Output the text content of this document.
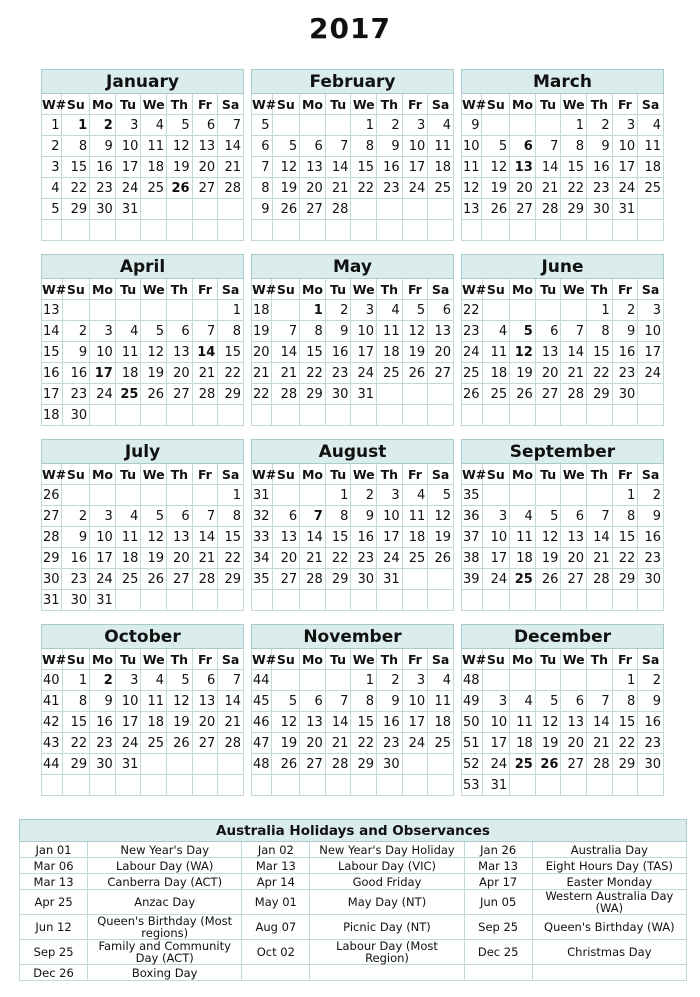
2017
January							
W#	Su	Mo	Tu	We	Th	Fr	Sa
1	1	2	3	4	5	6	7
2	8	9	10	11	12	13	14
3	15	16	17	18	19	20	21
4	22	23	24	25	26	27	28
5	29	30	31				

February							
W#	Su	Mo	Tu	We	Th	Fr	Sa
5				1	2	3	4
6	5	6	7	8	9	10	11
7	12	13	14	15	16	17	18
8	19	20	21	22	23	24	25
9	26	27	28				

March							
W#	Su	Mo	Tu	We	Th	Fr	Sa
9				1	2	3	4
10	5	6	7	8	9	10	11
11	12	13	14	15	16	17	18
12	19	20	21	22	23	24	25
13	26	27	28	29	30	31	

April							
W#	Su	Mo	Tu	We	Th	Fr	Sa
13							1
14	2	3	4	5	6	7	8
15	9	10	11	12	13	14	15
16	16	17	18	19	20	21	22
17	23	24	25	26	27	28	29
18	30						
May							
W#	Su	Mo	Tu	We	Th	Fr	Sa
18		1	2	3	4	5	6
19	7	8	9	10	11	12	13
20	14	15	16	17	18	19	20
21	21	22	23	24	25	26	27
22	28	29	30	31			

June							
W#	Su	Mo	Tu	We	Th	Fr	Sa
22					1	2	3
23	4	5	6	7	8	9	10
24	11	12	13	14	15	16	17
25	18	19	20	21	22	23	24
26	25	26	27	28	29	30	

July							
W#	Su	Mo	Tu	We	Th	Fr	Sa
26							1
27	2	3	4	5	6	7	8
28	9	10	11	12	13	14	15
29	16	17	18	19	20	21	22
30	23	24	25	26	27	28	29
31	30	31					
August							
W#	Su	Mo	Tu	We	Th	Fr	Sa
31			1	2	3	4	5
32	6	7	8	9	10	11	12
33	13	14	15	16	17	18	19
34	20	21	22	23	24	25	26
35	27	28	29	30	31		

September							
W#	Su	Mo	Tu	We	Th	Fr	Sa
35						1	2
36	3	4	5	6	7	8	9
37	10	11	12	13	14	15	16
38	17	18	19	20	21	22	23
39	24	25	26	27	28	29	30

October							
W#	Su	Mo	Tu	We	Th	Fr	Sa
40	1	2	3	4	5	6	7
41	8	9	10	11	12	13	14
42	15	16	17	18	19	20	21
43	22	23	24	25	26	27	28
44	29	30	31				

November							
W#	Su	Mo	Tu	We	Th	Fr	Sa
44				1	2	3	4
45	5	6	7	8	9	10	11
46	12	13	14	15	16	17	18
47	19	20	21	22	23	24	25
48	26	27	28	29	30		

December							
W#	Su	Mo	Tu	We	Th	Fr	Sa
48						1	2
49	3	4	5	6	7	8	9
50	10	11	12	13	14	15	16
51	17	18	19	20	21	22	23
52	24	25	26	27	28	29	30
53	31						
Australia Holidays and Observances					
Jan 01	New Year's Day	Jan 02	New Year's Day Holiday	Jan 26	Australia Day
Mar 06	Labour Day (WA)	Mar 13	Labour Day (VIC)	Mar 13	Eight Hours Day (TAS)
Mar 13	Canberra Day (ACT)	Apr 14	Good Friday	Apr 17	Easter Monday
Apr 25	Anzac Day	May 01	May Day (NT)	Jun 05	Western Australia Day (WA)
Jun 12	Queen's Birthday (Most regions)	Aug 07	Picnic Day (NT)	Sep 25	Queen's Birthday (WA)
Sep 25	Family and Community Day (ACT)	Oct 02	Labour Day (Most Region)	Dec 25	Christmas Day
Dec 26	Boxing Day				
